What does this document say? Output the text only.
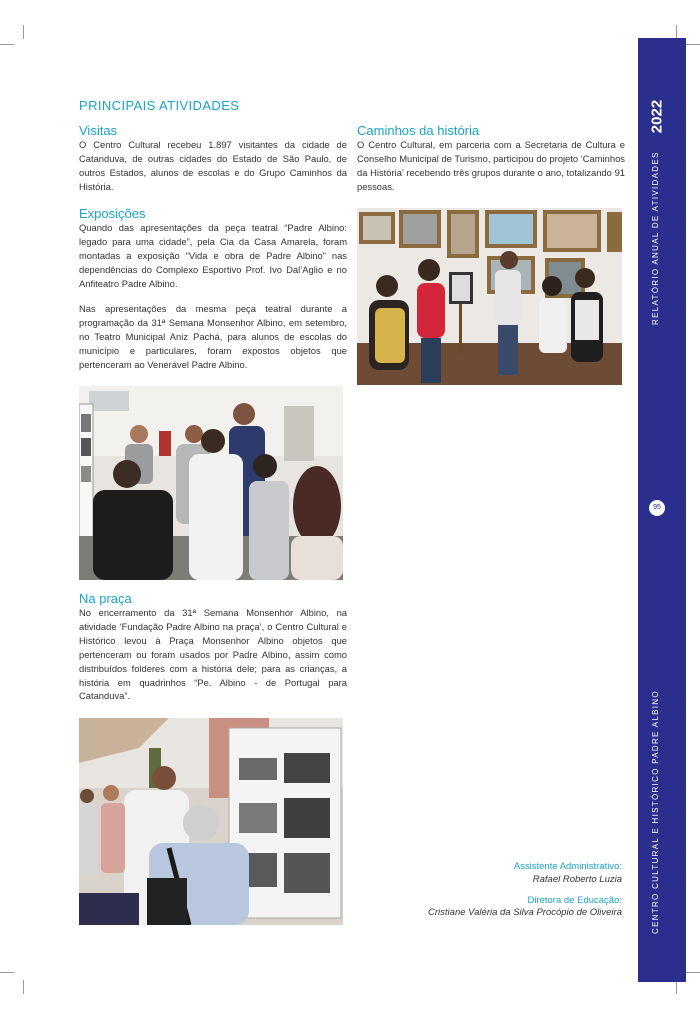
PRINCIPAIS ATIVIDADES
Visitas

O Centro Cultural recebeu 1.897 visitantes da cidade de Catanduva, de outras cidades do Estado de São Paulo, de outros Estados, alunos de escolas e do Grupo Caminhos da História.

Exposições

Quando das apresentações da peça teatral “Padre Albino: legado para uma cidade”, pela Cia da Casa Amarela, foram montadas a exposição “Vida e obra de Padre Albino” nas dependências do Complexo Esportivo Prof. Ivo Dal’Aglio e no Anfiteatro Padre Albino.

Nas apresentações da mesma peça teatral durante a programação da 31ª Semana Monsenhor Albino, em setembro, no Teatro Municipal Aniz Pachá, para alunos de escolas do município e particulares, foram expostos objetos que pertenceram ao Venerável Padre Albino.

Na praça

No encerramento da 31ª Semana Monsenhor Albino, na atividade ‘Fundação Padre Albino na praça’, o Centro Cultural e Histórico levou à Praça Monsenhor Albino objetos que pertenceram ou foram usados por Padre Albino, assim como distribuídos folderes com a história dele; para as crianças, a história em quadrinhos “Pe. Albino - de Portugal para Catanduva”.

Caminhos da história

O Centro Cultural, em parceria com a Secretaria de Cultura e Conselho Municipal de Turismo, participou do projeto ‘Caminhos da História’ recebendo três grupos durante o ano, totalizando 91 pessoas.

Assistente Administrativo:

Rafael Roberto Luzia

Diretora de Educação:

Cristiane Valéria da Silva Procópio de Oliveira

2022
RELATÓRIO ANUAL DE ATIVIDADES
95
CENTRO CULTURAL E HISTÓRICO PADRE ALBINO
